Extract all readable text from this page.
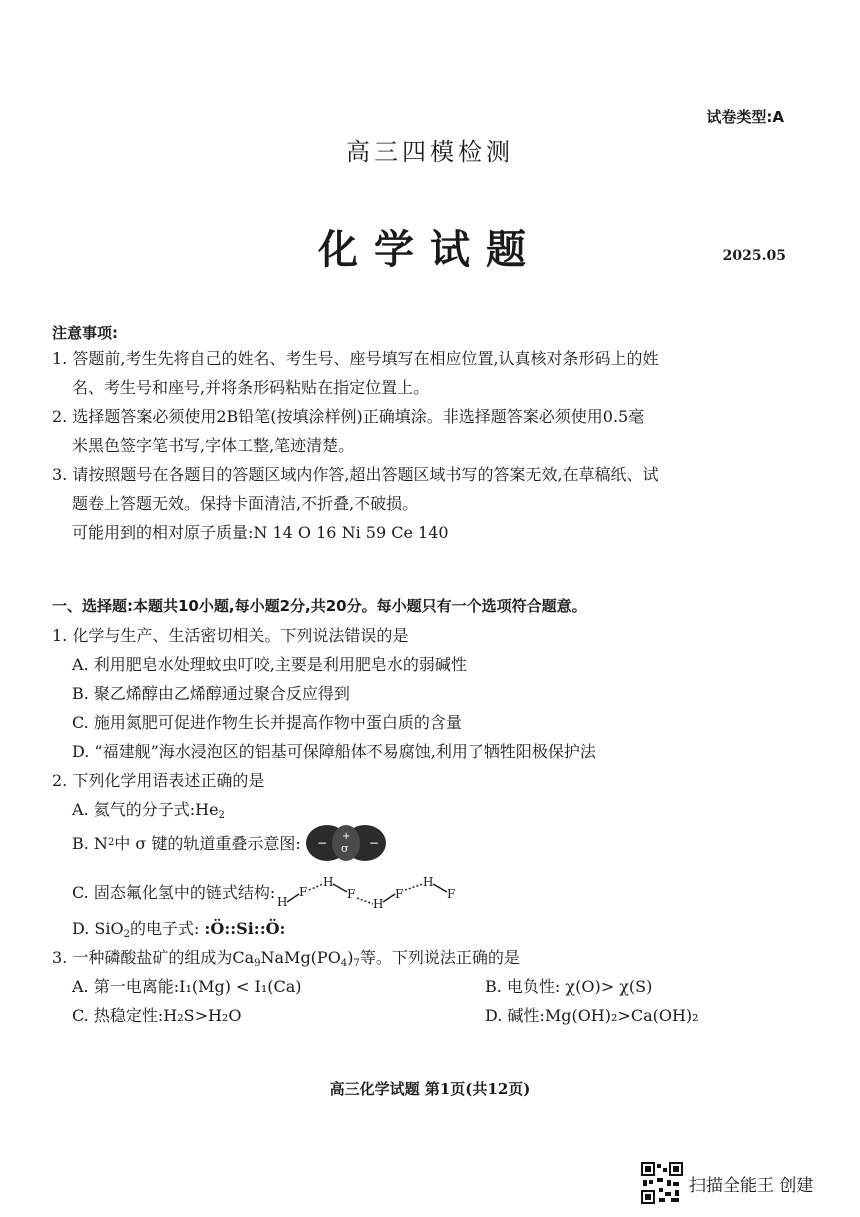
试卷类型:A
高三四模检测
化学试题	2025.05
注意事项:
1. 答题前,考生先将自己的姓名、考生号、座号填写在相应位置,认真核对条形码上的姓
名、考生号和座号,并将条形码粘贴在指定位置上。
2. 选择题答案必须使用2B铅笔(按填涂样例)正确填涂。非选择题答案必须使用0.5毫
米黑色签字笔书写,字体工整,笔迹清楚。
3. 请按照题号在各题目的答题区域内作答,超出答题区域书写的答案无效,在草稿纸、试
题卷上答题无效。保持卡面清洁,不折叠,不破损。
可能用到的相对原子质量:N 14 O 16 Ni 59 Ce 140
一、选择题:本题共10小题,每小题2分,共20分。每小题只有一个选项符合题意。
1. 化学与生产、生活密切相关。下列说法错误的是
A. 利用肥皂水处理蚊虫叮咬,主要是利用肥皂水的弱碱性
B. 聚乙烯醇由乙烯醇通过聚合反应得到
C. 施用氮肥可促进作物生长并提高作物中蛋白质的含量
D. “福建舰”海水浸泡区的铝基可保障船体不易腐蚀,利用了牺牲阳极保护法
2. 下列化学用语表述正确的是
A. 氦气的分子式$:He_2$
B. N 2 中 σ 键的轨道重叠示意图: − +
σ −
C. 固态氟化氢中的链式结构:
H
F
H
F
H
F
H
F
D. SiO$_2$的电子式: :Ö::Si::Ö:
3. 一种磷酸盐矿的组成为$Ca_9NaMg(PO_4)_7$等。下列说法正确的是
A. 第一电离能:I₁(Mg) < I₁(Ca)	B. 电负性: χ(O)> χ(S)
C. 热稳定性:H₂S>H₂O	D. 碱性:Mg(OH)₂>Ca(OH)₂
高三化学试题 第1页(共12页)
扫描全能王 创建
